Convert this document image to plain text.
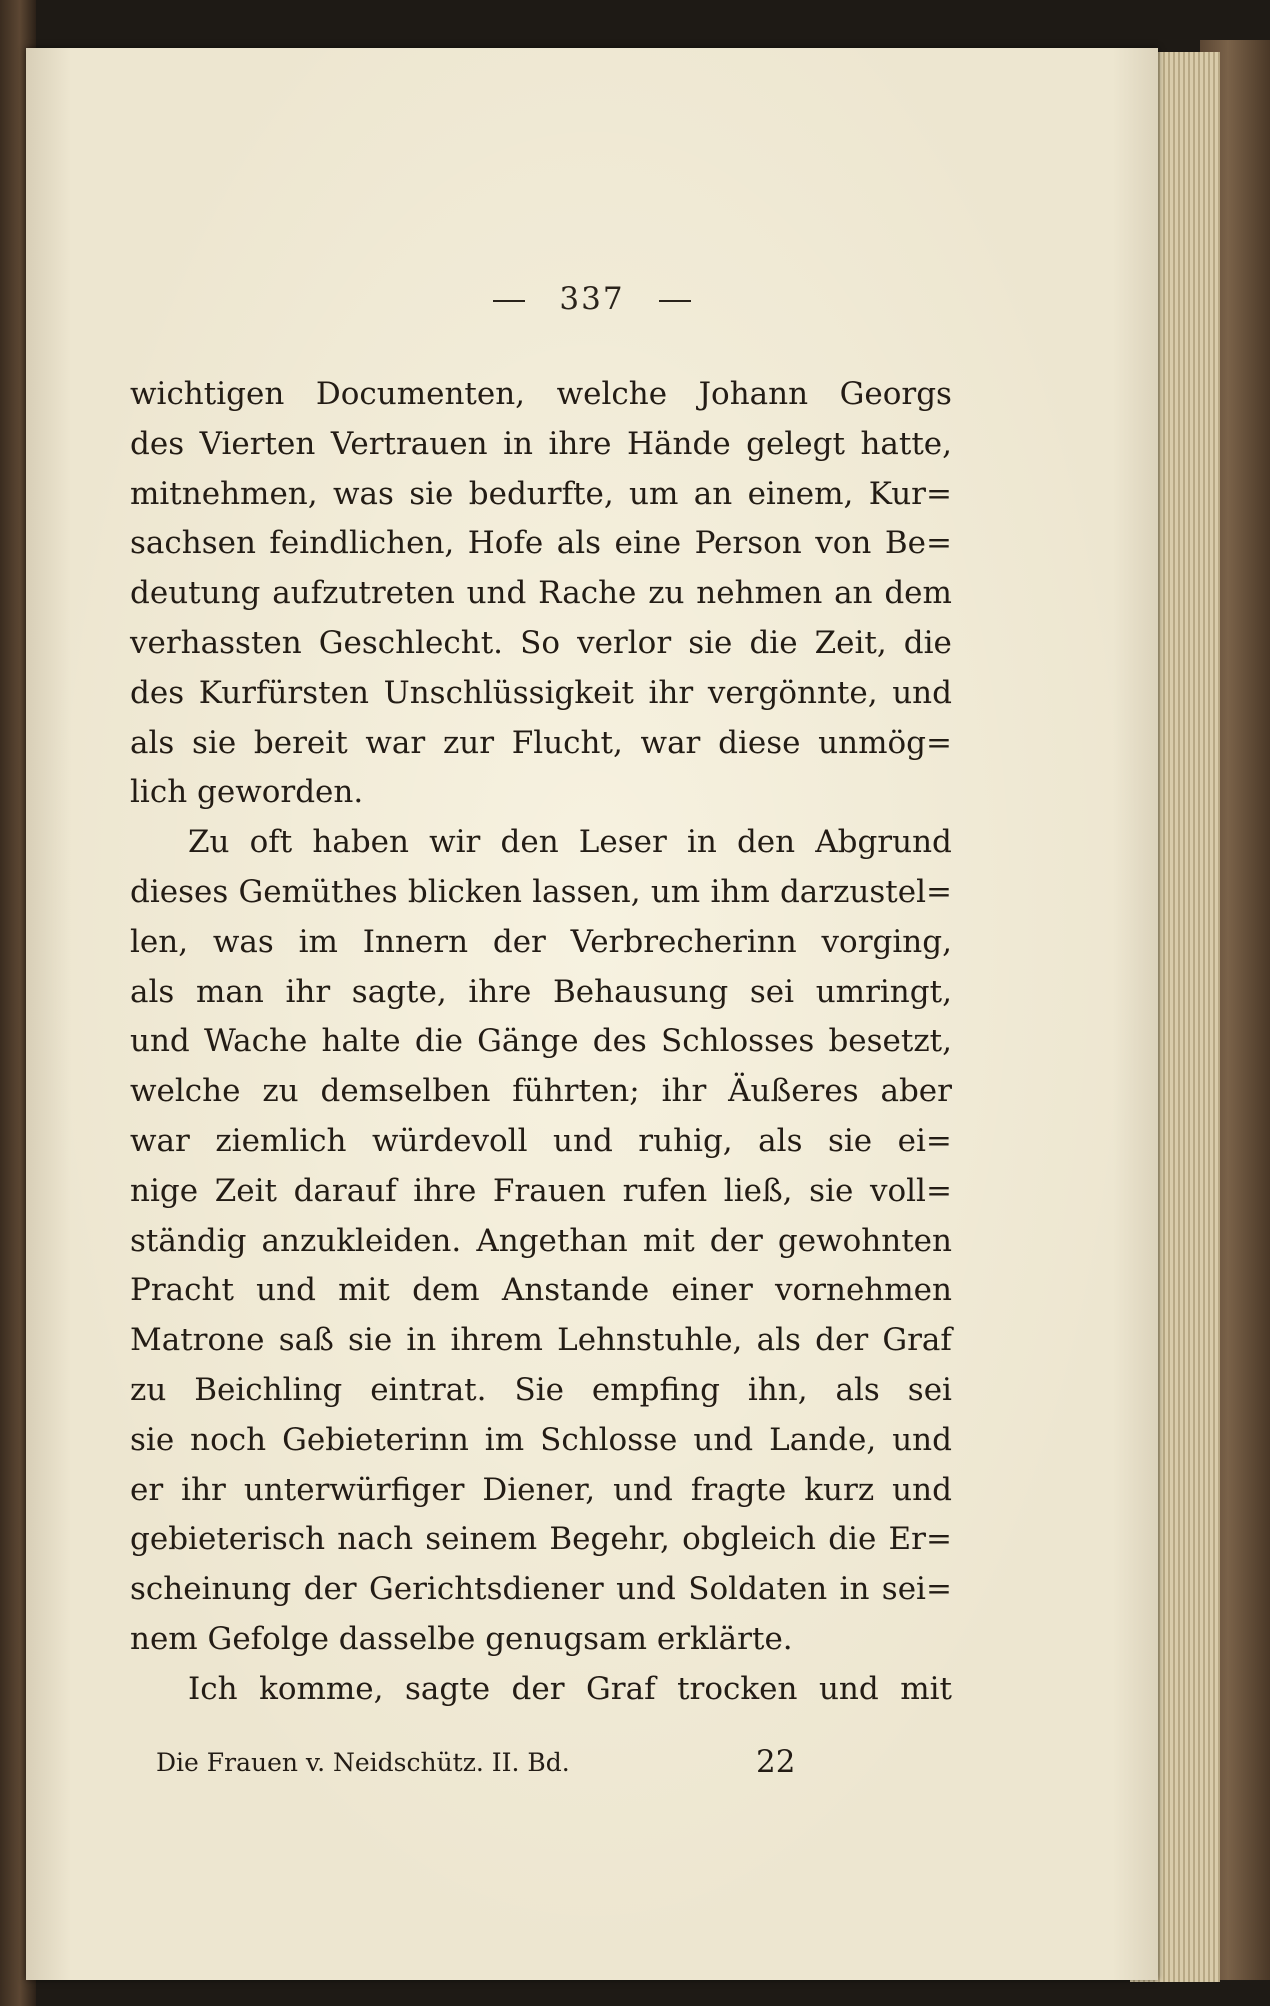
337
wichtigen Documenten, welche Johann Georgs
des Vierten Vertrauen in ihre Hände gelegt hatte,
mitnehmen, was sie bedurfte, um an einem, Kur=
sachsen feindlichen, Hofe als eine Person von Be=
deutung aufzutreten und Rache zu nehmen an dem
verhassten Geschlecht. So verlor sie die Zeit, die
des Kurfürsten Unschlüssigkeit ihr vergönnte, und
als sie bereit war zur Flucht, war diese unmög=
lich geworden.
Zu oft haben wir den Leser in den Abgrund
dieses Gemüthes blicken lassen, um ihm darzustel=
len, was im Innern der Verbrecherinn vorging,
als man ihr sagte, ihre Behausung sei umringt,
und Wache halte die Gänge des Schlosses besetzt,
welche zu demselben führten; ihr Äußeres aber
war ziemlich würdevoll und ruhig, als sie ei=
nige Zeit darauf ihre Frauen rufen ließ, sie voll=
ständig anzukleiden. Angethan mit der gewohnten
Pracht und mit dem Anstande einer vornehmen
Matrone saß sie in ihrem Lehnstuhle, als der Graf
zu Beichling eintrat. Sie empfing ihn, als sei
sie noch Gebieterinn im Schlosse und Lande, und
er ihr unterwürfiger Diener, und fragte kurz und
gebieterisch nach seinem Begehr, obgleich die Er=
scheinung der Gerichtsdiener und Soldaten in sei=
nem Gefolge dasselbe genugsam erklärte.
Ich komme, sagte der Graf trocken und mit
Die Frauen v. Neidschütz. II. Bd.	22
